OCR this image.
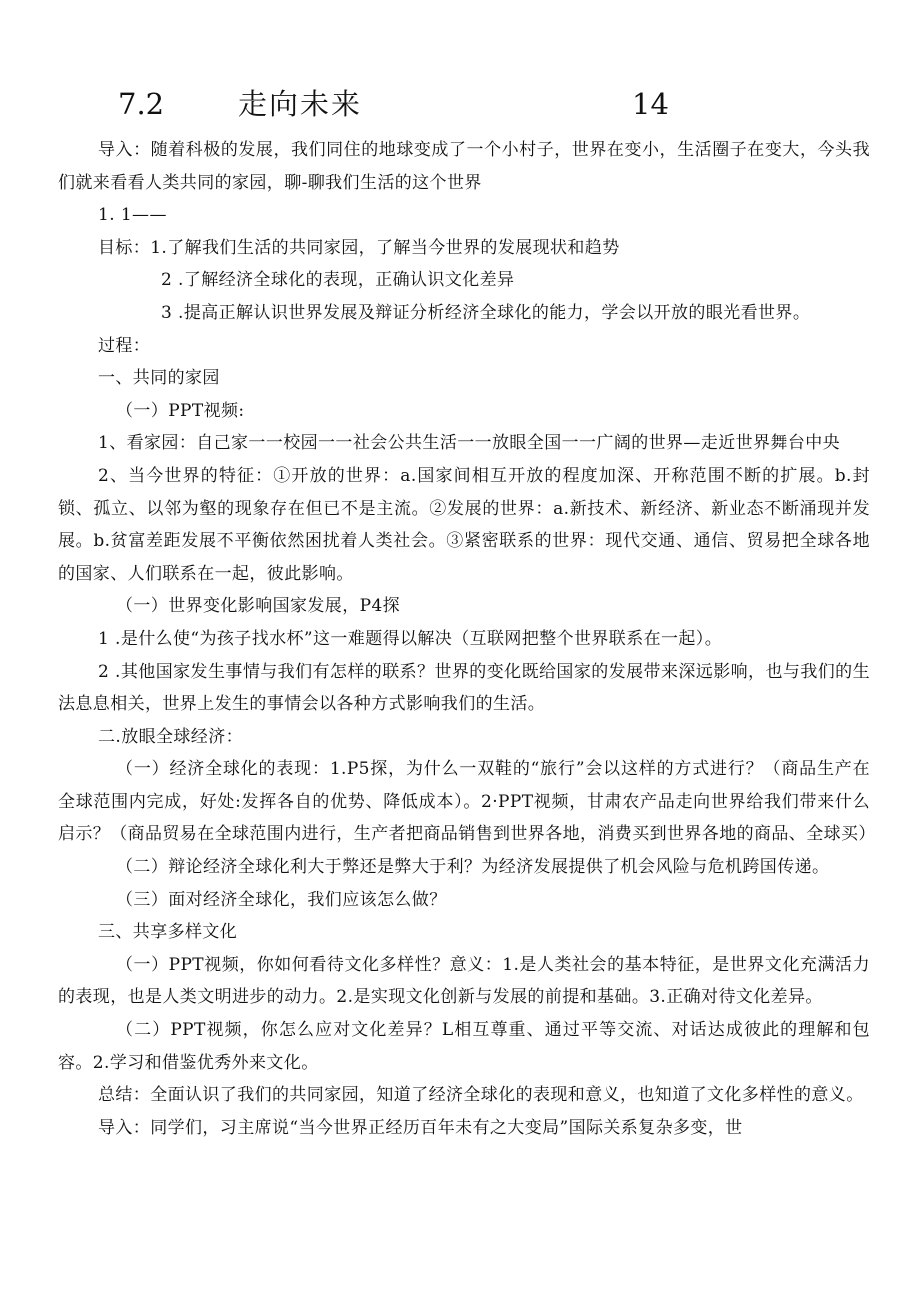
7.2	走向未来	14

导入：随着科极的发展，我们同住的地球变成了一个小村子，世界在变小，生活圈子在变大，今头我们就来看看人类共同的家园，聊-聊我们生活的这个世界

1. 1——

目标：1.了解我们生活的共同家园，了解当今世界的发展现状和趋势

2 .了解经济全球化的表现，正确认识文化差异

3 .提高正解认识世界发展及辩证分析经济全球化的能力，学会以开放的眼光看世界。

过程：

一、共同的家园

（一）PPT视频:

1、看家园：自己家一一校园一一社会公共生活一一放眼全国一一广阔的世界—走近世界舞台中央

2、当今世界的特征：①开放的世界：a.国家间相互开放的程度加深、开称范围不断的扩展。b.封锁、孤立、以邻为壑的现象存在但已不是主流。②发展的世界：a.新技术、新经济、新业态不断涌现并发展。b.贫富差距发展不平衡依然困扰着人类社会。③紧密联系的世界：现代交通、通信、贸易把全球各地的国家、人们联系在一起，彼此影响。

（一）世界变化影响国家发展，P4探

1 .是什么使“为孩子找水杯”这一难题得以解决（互联网把整个世界联系在一起）。

2 .其他国家发生事情与我们有怎样的联系？世界的变化既给国家的发展带来深远影响，也与我们的生法息息相关，世界上发生的事情会以各种方式影响我们的生活。

二.放眼全球经济：

（一）经济全球化的表现：1.P5探，为什么一双鞋的“旅行”会以这样的方式进行？（商品生产在全球范围内完成，好处:发挥各自的优势、降低成本）。2·PPT视频，甘肃农产品走向世界给我们带来什么启示？（商品贸易在全球范围内进行，生产者把商品销售到世界各地，消费买到世界各地的商品、全球买）

（二）辩论经济全球化利大于弊还是弊大于利？为经济发展提供了机会风险与危机跨国传递。

（三）面对经济全球化，我们应该怎么做？

三、共享多样文化

（一）PPT视频，你如何看待文化多样性？意义：1.是人类社会的基本特征，是世界文化充满活力的表现，也是人类文明进步的动力。2.是实现文化创新与发展的前提和基础。3.正确对待文化差异。

（二）PPT视频，你怎么应对文化差异？L相互尊重、通过平等交流、对话达成彼此的理解和包容。2.学习和借鉴优秀外来文化。

总结：全面认识了我们的共同家园，知道了经济全球化的表现和意义，也知道了文化多样性的意义。

导入：同学们，习主席说“当今世界正经历百年未有之大变局”国际关系复杂多变，世
